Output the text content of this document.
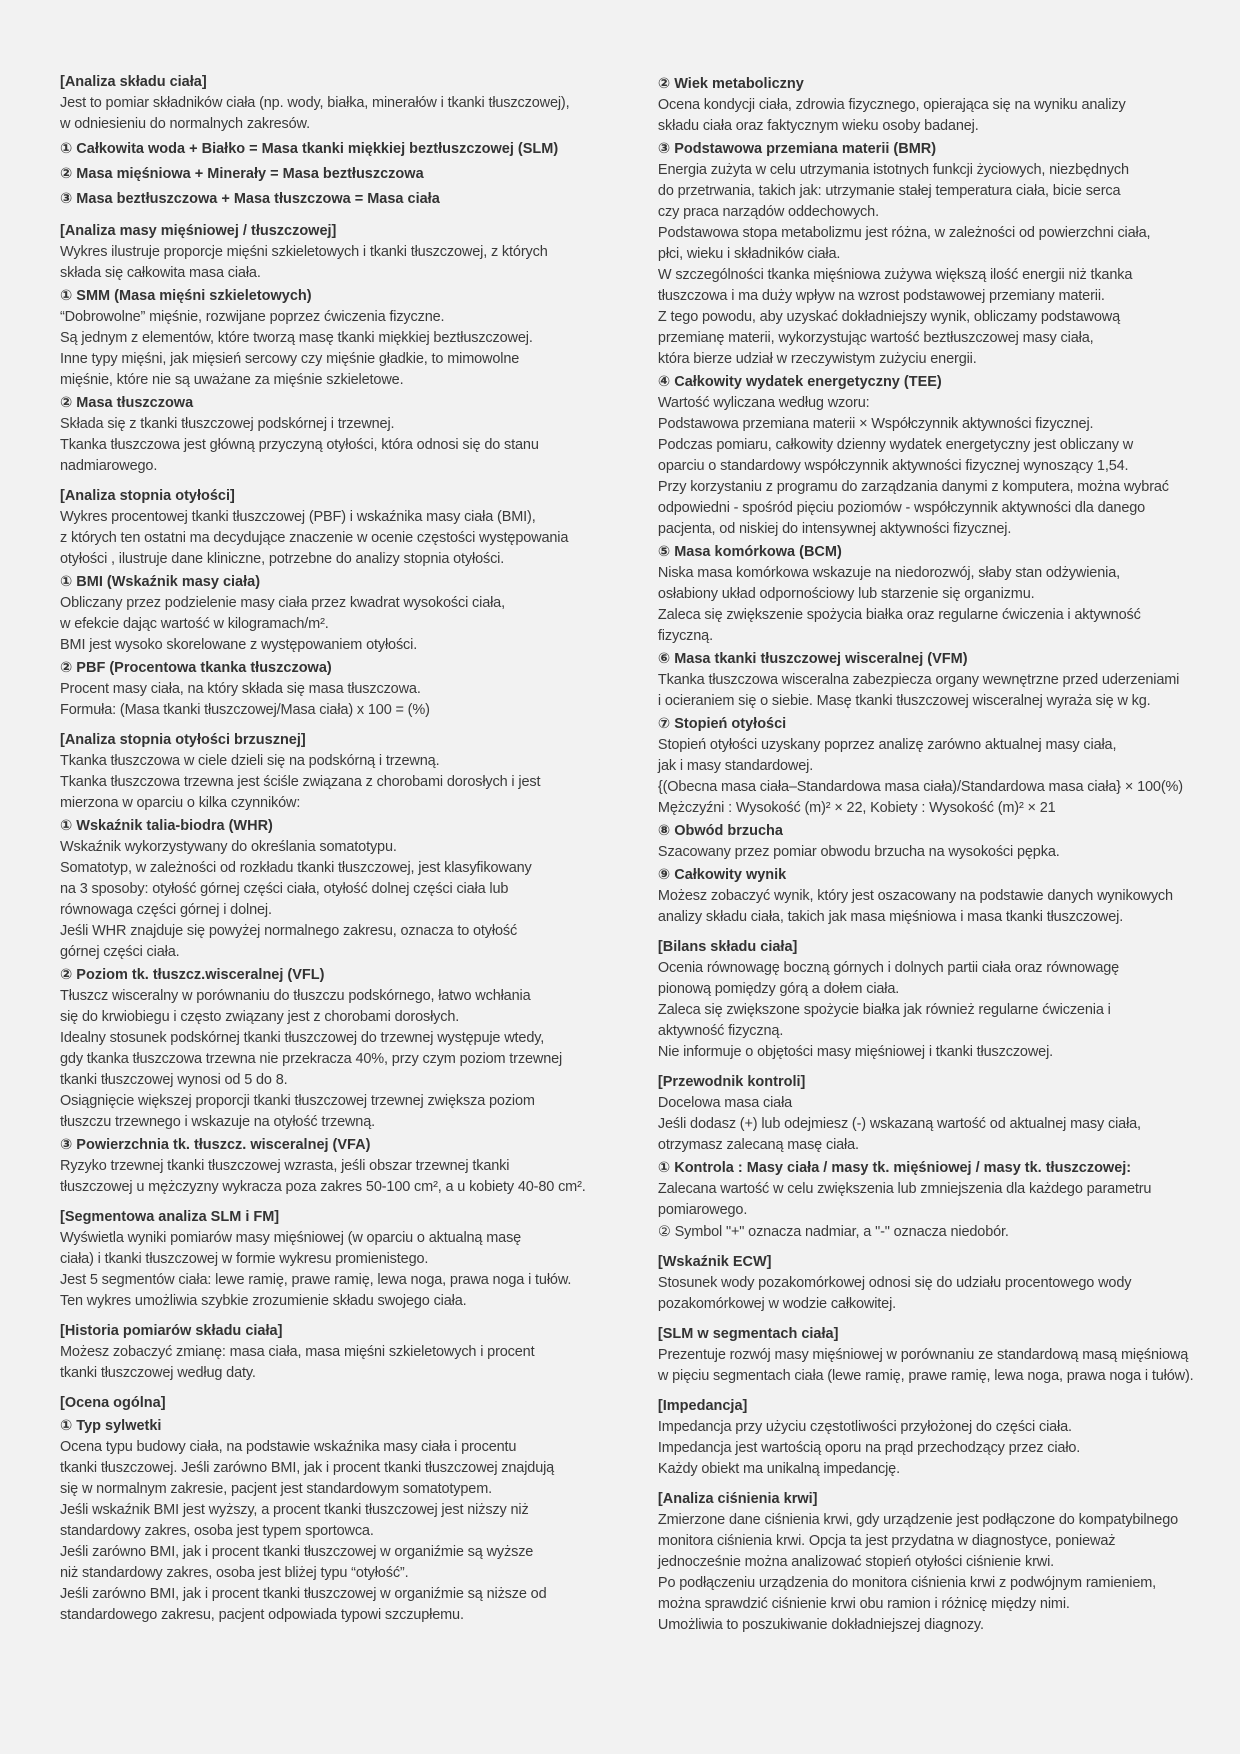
[Analiza składu ciała]
Jest to pomiar składników ciała (np. wody, białka, minerałów i tkanki tłuszczowej),
w odniesieniu do normalnych zakresów.
① Całkowita woda + Białko = Masa tkanki miękkiej beztłuszczowej (SLM)
② Masa mięśniowa + Minerały = Masa beztłuszczowa
③ Masa beztłuszczowa + Masa tłuszczowa = Masa ciała
[Analiza masy mięśniowej / tłuszczowej]
Wykres ilustruje proporcje mięśni szkieletowych i tkanki tłuszczowej, z których
składa się całkowita masa ciała.
① SMM (Masa mięśni szkieletowych)
“Dobrowolne” mięśnie, rozwijane poprzez ćwiczenia fizyczne.
Są jednym z elementów, które tworzą masę tkanki miękkiej beztłuszczowej.
Inne typy mięśni, jak mięsień sercowy czy mięśnie gładkie, to mimowolne
mięśnie, które nie są uważane za mięśnie szkieletowe.
② Masa tłuszczowa
Składa się z tkanki tłuszczowej podskórnej i trzewnej.
Tkanka tłuszczowa jest główną przyczyną otyłości, która odnosi się do stanu
nadmiarowego.
[Analiza stopnia otyłości]
Wykres procentowej tkanki tłuszczowej (PBF) i wskaźnika masy ciała (BMI),
z których ten ostatni ma decydujące znaczenie w ocenie częstości występowania
otyłości , ilustruje dane kliniczne, potrzebne do analizy stopnia otyłości.
① BMI (Wskaźnik masy ciała)
Obliczany przez podzielenie masy ciała przez kwadrat wysokości ciała,
w efekcie dając wartość w kilogramach/m².
BMI jest wysoko skorelowane z występowaniem otyłości.
② PBF (Procentowa tkanka tłuszczowa)
Procent masy ciała, na który składa się masa tłuszczowa.
Formuła: (Masa tkanki tłuszczowej/Masa ciała) x 100 = (%)
[Analiza stopnia otyłości brzusznej]
Tkanka tłuszczowa w ciele dzieli się na podskórną i trzewną.
Tkanka tłuszczowa trzewna jest ściśle związana z chorobami dorosłych i jest
mierzona w oparciu o kilka czynników:
① Wskaźnik talia-biodra (WHR)
Wskaźnik wykorzystywany do określania somatotypu.
Somatotyp, w zależności od rozkładu tkanki tłuszczowej, jest klasyfikowany
na 3 sposoby: otyłość górnej części ciała, otyłość dolnej części ciała lub
równowaga części górnej i dolnej.
Jeśli WHR znajduje się powyżej normalnego zakresu, oznacza to otyłość
górnej części ciała.
② Poziom tk. tłuszcz.wisceralnej (VFL)
Tłuszcz wisceralny w porównaniu do tłuszczu podskórnego, łatwo wchłania
się do krwiobiegu i często związany jest z chorobami dorosłych.
Idealny stosunek podskórnej tkanki tłuszczowej do trzewnej występuje wtedy,
gdy tkanka tłuszczowa trzewna nie przekracza 40%, przy czym poziom trzewnej
tkanki tłuszczowej wynosi od 5 do 8.
Osiągnięcie większej proporcji tkanki tłuszczowej trzewnej zwiększa poziom
tłuszczu trzewnego i wskazuje na otyłość trzewną.
③ Powierzchnia tk. tłuszcz. wisceralnej (VFA)
Ryzyko trzewnej tkanki tłuszczowej wzrasta, jeśli obszar trzewnej tkanki
tłuszczowej u mężczyzny wykracza poza zakres 50-100 cm², a u kobiety 40-80 cm².
[Segmentowa analiza SLM i FM]
Wyświetla wyniki pomiarów masy mięśniowej (w oparciu o aktualną masę
ciała) i tkanki tłuszczowej w formie wykresu promienistego.
Jest 5 segmentów ciała: lewe ramię, prawe ramię, lewa noga, prawa noga i tułów.
Ten wykres umożliwia szybkie zrozumienie składu swojego ciała.
[Historia pomiarów składu ciała]
Możesz zobaczyć zmianę: masa ciała, masa mięśni szkieletowych i procent
tkanki tłuszczowej według daty.
[Ocena ogólna]
① Typ sylwetki
Ocena typu budowy ciała, na podstawie wskaźnika masy ciała i procentu
tkanki tłuszczowej. Jeśli zarówno BMI, jak i procent tkanki tłuszczowej znajdują
się w normalnym zakresie, pacjent jest standardowym somatotypem.
Jeśli wskaźnik BMI jest wyższy, a procent tkanki tłuszczowej jest niższy niż
standardowy zakres, osoba jest typem sportowca.
Jeśli zarówno BMI, jak i procent tkanki tłuszczowej w organiźmie są wyższe
niż standardowy zakres, osoba jest bliżej typu “otyłość”.
Jeśli zarówno BMI, jak i procent tkanki tłuszczowej w organiźmie są niższe od
standardowego zakresu, pacjent odpowiada typowi szczupłemu.
② Wiek metaboliczny
Ocena kondycji ciała, zdrowia fizycznego, opierająca się na wyniku analizy
składu ciała oraz faktycznym wieku osoby badanej.
③ Podstawowa przemiana materii (BMR)
Energia zużyta w celu utrzymania istotnych funkcji życiowych, niezbędnych
do przetrwania, takich jak: utrzymanie stałej temperatura ciała, bicie serca
czy praca narządów oddechowych.
Podstawowa stopa metabolizmu jest różna, w zależności od powierzchni ciała,
płci, wieku i składników ciała.
W szczególności tkanka mięśniowa zużywa większą ilość energii niż tkanka
tłuszczowa i ma duży wpływ na wzrost podstawowej przemiany materii.
Z tego powodu, aby uzyskać dokładniejszy wynik, obliczamy podstawową
przemianę materii, wykorzystując wartość beztłuszczowej masy ciała,
która bierze udział w rzeczywistym zużyciu energii.
④ Całkowity wydatek energetyczny (TEE)
Wartość wyliczana według wzoru:
Podstawowa przemiana materii × Współczynnik aktywności fizycznej.
Podczas pomiaru, całkowity dzienny wydatek energetyczny jest obliczany w
oparciu o standardowy współczynnik aktywności fizycznej wynoszący 1,54.
Przy korzystaniu z programu do zarządzania danymi z komputera, można wybrać
odpowiedni - spośród pięciu poziomów - współczynnik aktywności dla danego
pacjenta, od niskiej do intensywnej aktywności fizycznej.
⑤ Masa komórkowa (BCM)
Niska masa komórkowa wskazuje na niedorozwój, słaby stan odżywienia,
osłabiony układ odpornościowy lub starzenie się organizmu.
Zaleca się zwiększenie spożycia białka oraz regularne ćwiczenia i aktywność fizyczną.
⑥ Masa tkanki tłuszczowej wisceralnej (VFM)
Tkanka tłuszczowa wisceralna zabezpiecza organy wewnętrzne przed uderzeniami
i ocieraniem się o siebie. Masę tkanki tłuszczowej wisceralnej wyraża się w kg.
⑦ Stopień otyłości
Stopień otyłości uzyskany poprzez analizę zarówno aktualnej masy ciała,
jak i masy standardowej.
{(Obecna masa ciała–Standardowa masa ciała)/Standardowa masa ciała} × 100(%)
Mężczyźni : Wysokość (m)² × 22, Kobiety : Wysokość (m)² × 21
⑧ Obwód brzucha
Szacowany przez pomiar obwodu brzucha na wysokości pępka.
⑨ Całkowity wynik
Możesz zobaczyć wynik, który jest oszacowany na podstawie danych wynikowych
analizy składu ciała, takich jak masa mięśniowa i masa tkanki tłuszczowej.
[Bilans składu ciała]
Ocenia równowagę boczną górnych i dolnych partii ciała oraz równowagę
pionową pomiędzy górą a dołem ciała.
Zaleca się zwiększone spożycie białka jak również regularne ćwiczenia i
aktywność fizyczną.
Nie informuje o objętości masy mięśniowej i tkanki tłuszczowej.
[Przewodnik kontroli]
Docelowa masa ciała
Jeśli dodasz (+) lub odejmiesz (-) wskazaną wartość od aktualnej masy ciała,
otrzymasz zalecaną masę ciała.
① Kontrola : Masy ciała / masy tk. mięśniowej / masy tk. tłuszczowej:
Zalecana wartość w celu zwiększenia lub zmniejszenia dla każdego parametru
pomiarowego.
② Symbol "+" oznacza nadmiar, a "-" oznacza niedobór.
[Wskaźnik ECW]
Stosunek wody pozakomórkowej odnosi się do udziału procentowego wody
pozakomórkowej w wodzie całkowitej.
[SLM w segmentach ciała]
Prezentuje rozwój masy mięśniowej w porównaniu ze standardową masą mięśniową
w pięciu segmentach ciała (lewe ramię, prawe ramię, lewa noga, prawa noga i tułów).
[Impedancja]
Impedancja przy użyciu częstotliwości przyłożonej do części ciała.
Impedancja jest wartością oporu na prąd przechodzący przez ciało.
Każdy obiekt ma unikalną impedancję.
[Analiza ciśnienia krwi]
Zmierzone dane ciśnienia krwi, gdy urządzenie jest podłączone do kompatybilnego
monitora ciśnienia krwi. Opcja ta jest przydatna w diagnostyce, ponieważ
jednocześnie można analizować stopień otyłości ciśnienie krwi.
Po podłączeniu urządzenia do monitora ciśnienia krwi z podwójnym ramieniem,
można sprawdzić ciśnienie krwi obu ramion i różnicę między nimi.
Umożliwia to poszukiwanie dokładniejszej diagnozy.
